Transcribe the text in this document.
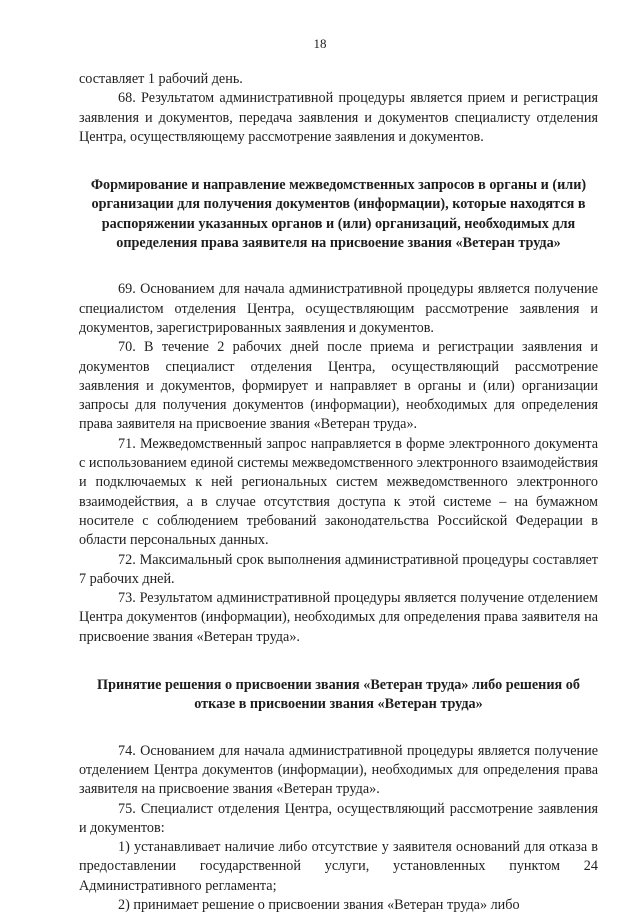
18

составляет 1 рабочий день.

68. Результатом административной процедуры является прием и регистрация заявления и документов, передача заявления и документов специалисту отделения Центра, осуществляющему рассмотрение заявления и документов.

Формирование и направление межведомственных запросов в органы и (или) организации для получения документов (информации), которые находятся в распоряжении указанных органов и (или) организаций, необходимых для определения права заявителя на присвоение звания «Ветеран труда»

69. Основанием для начала административной процедуры является получение специалистом отделения Центра, осуществляющим рассмотрение заявления и документов, зарегистрированных заявления и документов.

70. В течение 2 рабочих дней после приема и регистрации заявления и документов специалист отделения Центра, осуществляющий рассмотрение заявления и документов, формирует и направляет в органы и (или) организации запросы для получения документов (информации), необходимых для определения права заявителя на присвоение звания «Ветеран труда».

71. Межведомственный запрос направляется в форме электронного документа с использованием единой системы межведомственного электронного взаимодействия и подключаемых к ней региональных систем межведомственного электронного взаимодействия, а в случае отсутствия доступа к этой системе – на бумажном носителе с соблюдением требований законодательства Российской Федерации в области персональных данных.

72. Максимальный срок выполнения административной процедуры составляет 7 рабочих дней.

73. Результатом административной процедуры является получение отделением Центра документов (информации), необходимых для определения права заявителя на присвоение звания «Ветеран труда».

Принятие решения о присвоении звания «Ветеран труда» либо решения об отказе в присвоении звания «Ветеран труда»

74. Основанием для начала административной процедуры является получение отделением Центра документов (информации), необходимых для определения права заявителя на присвоение звания «Ветеран труда».

75. Специалист отделения Центра, осуществляющий рассмотрение заявления и документов:

1) устанавливает наличие либо отсутствие у заявителя оснований для отказа в предоставлении государственной услуги, установленных пунктом 24 Административного регламента;

2) принимает решение о присвоении звания «Ветеран труда» либо
